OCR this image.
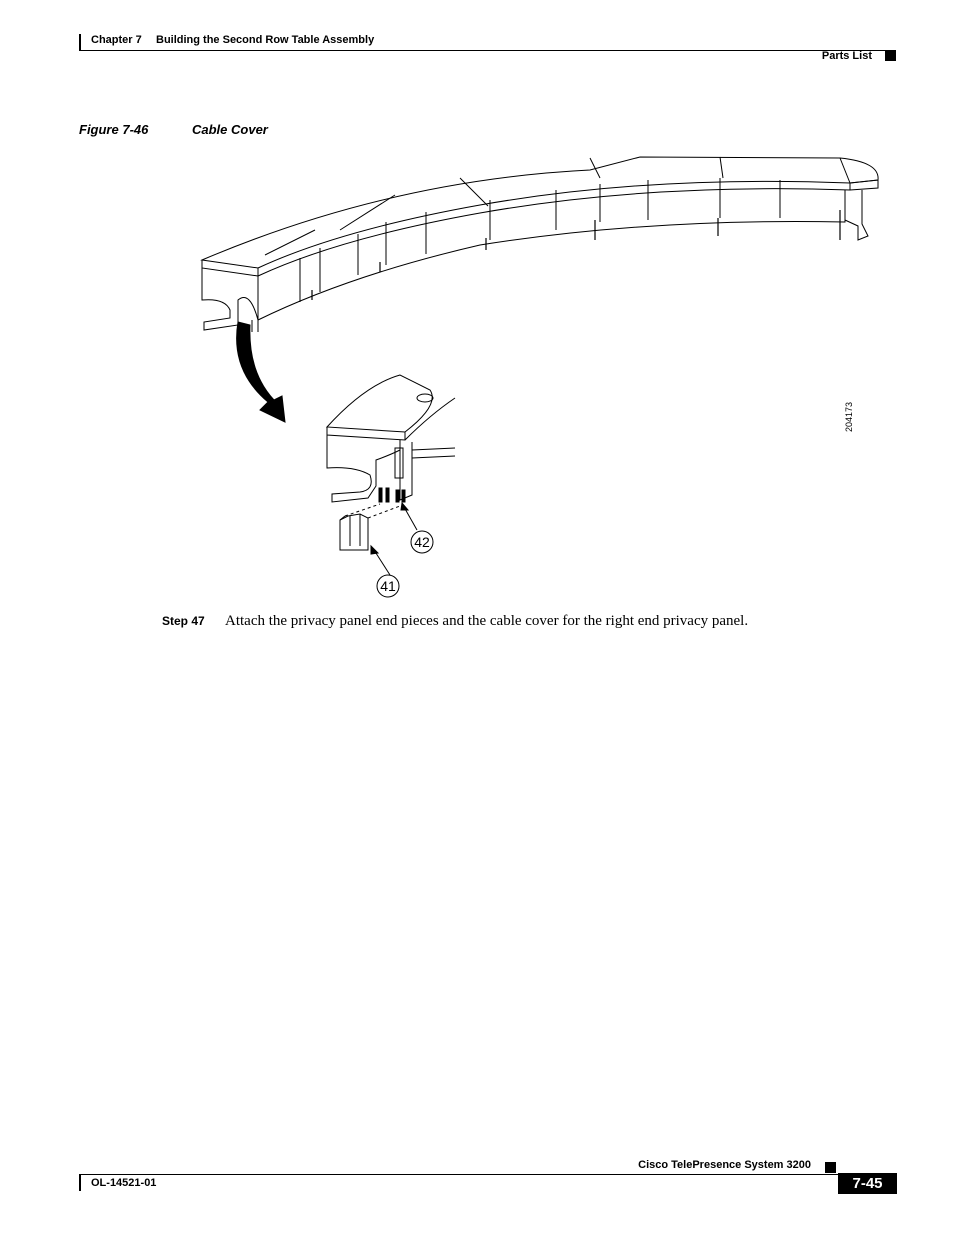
Chapter 7 Building the Second Row Table Assembly
Parts List
Figure 7-46	Cable Cover
42
41
204173
Step 47 Attach the privacy panel end pieces and the cable cover for the right end privacy panel.
Cisco TelePresence System 3200
OL-14521-01	7-45
